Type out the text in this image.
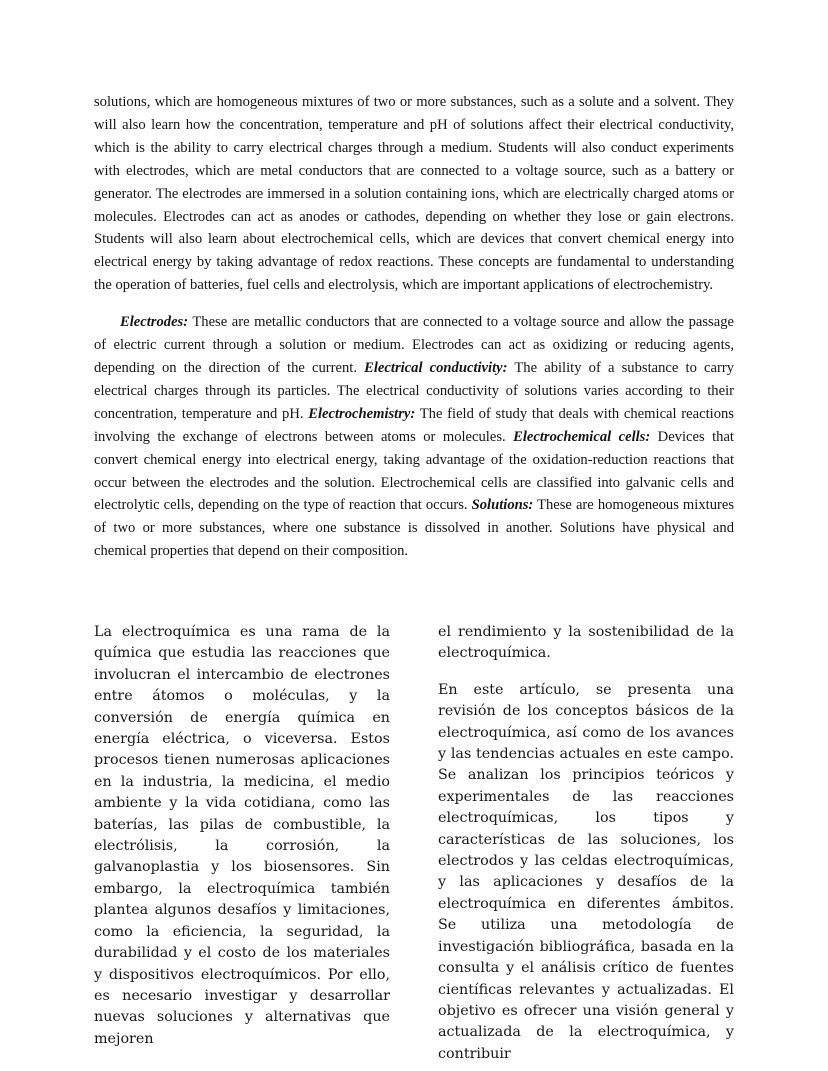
solutions, which are homogeneous mixtures of two or more substances, such as a solute and a solvent. They will also learn how the concentration, temperature and pH of solutions affect their electrical conductivity, which is the ability to carry electrical charges through a medium. Students will also conduct experiments with electrodes, which are metal conductors that are connected to a voltage source, such as a battery or generator. The electrodes are immersed in a solution containing ions, which are electrically charged atoms or molecules. Electrodes can act as anodes or cathodes, depending on whether they lose or gain electrons. Students will also learn about electrochemical cells, which are devices that convert chemical energy into electrical energy by taking advantage of redox reactions. These concepts are fundamental to understanding the operation of batteries, fuel cells and electrolysis, which are important applications of electrochemistry.

Electrodes: These are metallic conductors that are connected to a voltage source and allow the passage of electric current through a solution or medium. Electrodes can act as oxidizing or reducing agents, depending on the direction of the current. Electrical conductivity: The ability of a substance to carry electrical charges through its particles. The electrical conductivity of solutions varies according to their concentration, temperature and pH. Electrochemistry: The field of study that deals with chemical reactions involving the exchange of electrons between atoms or molecules. Electrochemical cells: Devices that convert chemical energy into electrical energy, taking advantage of the oxidation-reduction reactions that occur between the electrodes and the solution. Electrochemical cells are classified into galvanic cells and electrolytic cells, depending on the type of reaction that occurs. Solutions: These are homogeneous mixtures of two or more substances, where one substance is dissolved in another. Solutions have physical and chemical properties that depend on their composition.

La electroquímica es una rama de la química que estudia las reacciones que involucran el intercambio de electrones entre átomos o moléculas, y la conversión de energía química en energía eléctrica, o viceversa. Estos procesos tienen numerosas aplicaciones en la industria, la medicina, el medio ambiente y la vida cotidiana, como las baterías, las pilas de combustible, la electrólisis, la corrosión, la galvanoplastia y los biosensores. Sin embargo, la electroquímica también plantea algunos desafíos y limitaciones, como la eficiencia, la seguridad, la durabilidad y el costo de los materiales y dispositivos electroquímicos. Por ello, es necesario investigar y desarrollar nuevas soluciones y alternativas que mejoren

el rendimiento y la sostenibilidad de la electroquímica.

En este artículo, se presenta una revisión de los conceptos básicos de la electroquímica, así como de los avances y las tendencias actuales en este campo. Se analizan los principios teóricos y experimentales de las reacciones electroquímicas, los tipos y características de las soluciones, los electrodos y las celdas electroquímicas, y las aplicaciones y desafíos de la electroquímica en diferentes ámbitos. Se utiliza una metodología de investigación bibliográfica, basada en la consulta y el análisis crítico de fuentes científicas relevantes y actualizadas. El objetivo es ofrecer una visión general y actualizada de la electroquímica, y contribuir
